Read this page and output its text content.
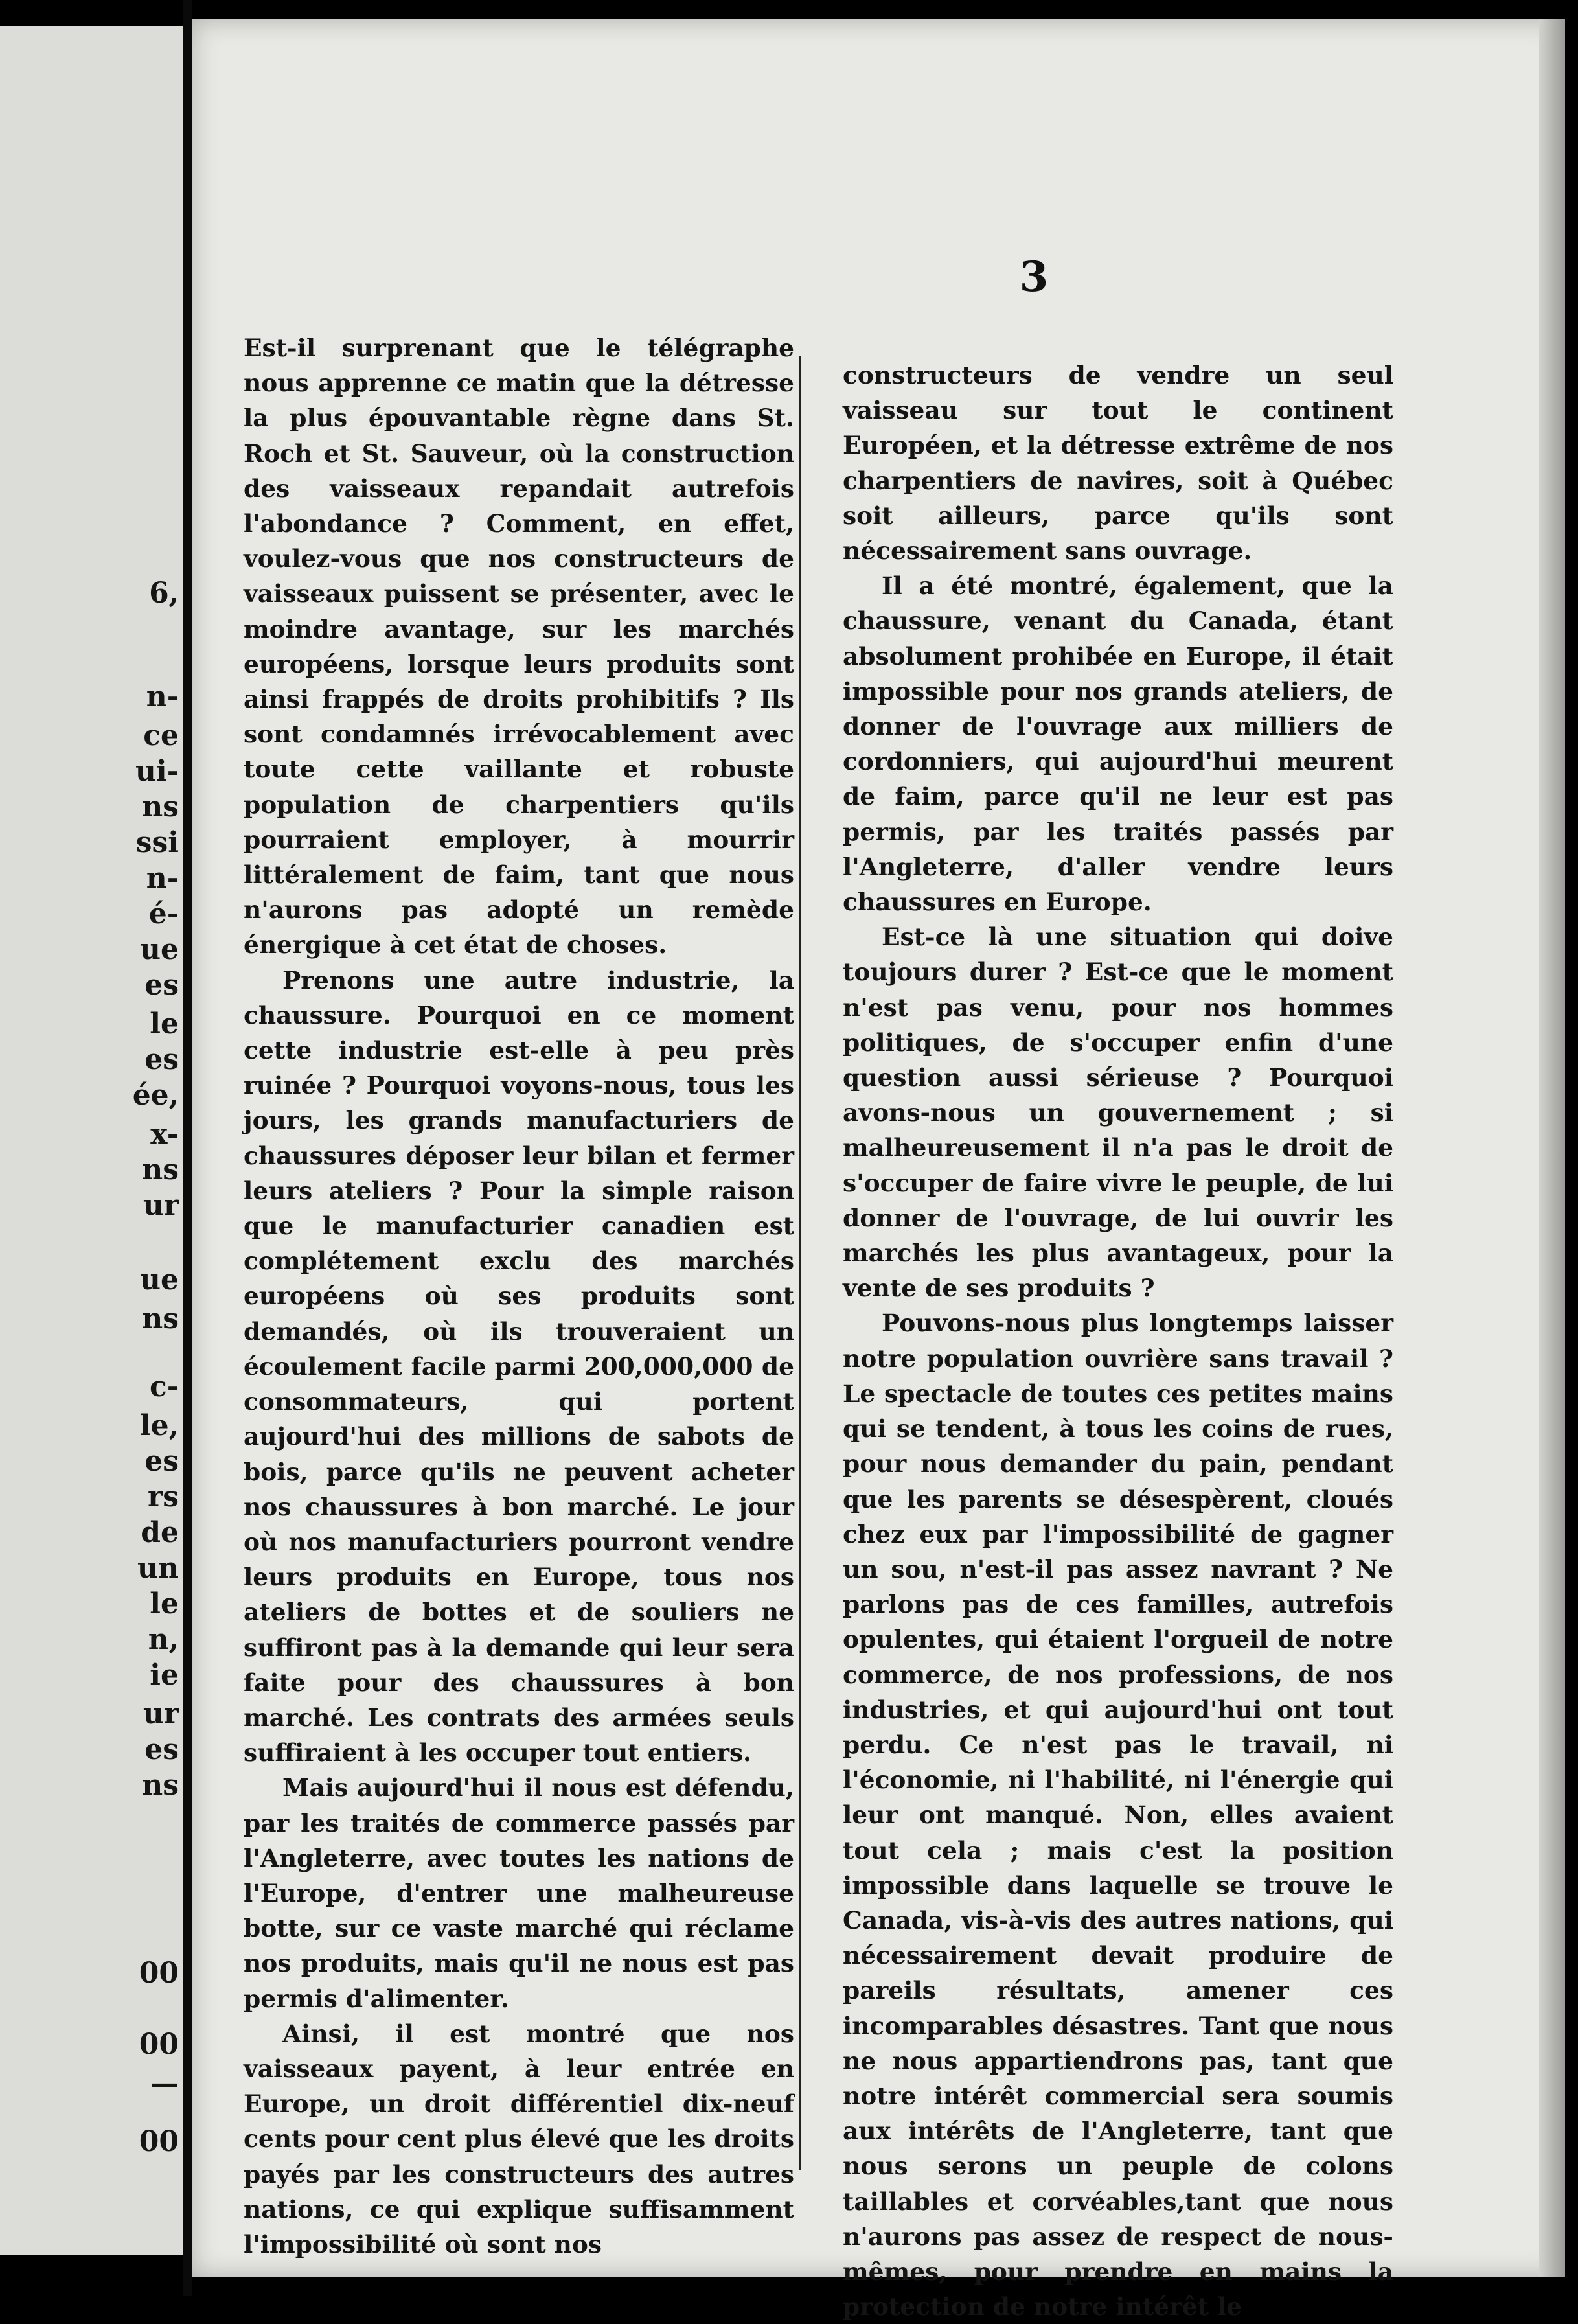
6,
n-
ce
ui-
ns
ssi
n-
é-
ue
es
le
es
ée,
x-
ns
ur
ue
ns
c-
le,
es
rs
de
un
le
n,
ie
ur
es
ns
00
00
—
00
3

Est-il surprenant que le télégraphe nous apprenne ce matin que la détresse la plus épouvantable règne dans St. Roch et St. Sauveur, où la construction des vaisseaux repandait autrefois l'abondance ? Comment, en effet, voulez-vous que nos constructeurs de vaisseaux puissent se présenter, avec le moindre avantage, sur les marchés européens, lorsque leurs produits sont ainsi frappés de droits prohibitifs ? Ils sont condamnés irrévocablement avec toute cette vaillante et robuste population de charpentiers qu'ils pourraient employer, à mourrir littéralement de faim, tant que nous n'aurons pas adopté un remède énergique à cet état de choses.

Prenons une autre industrie, la chaussure. Pourquoi en ce moment cette industrie est-elle à peu près ruinée ? Pourquoi voyons-nous, tous les jours, les grands manufacturiers de chaussures déposer leur bilan et fermer leurs ateliers ? Pour la simple raison que le manufacturier canadien est complétement exclu des marchés européens où ses produits sont demandés, où ils trouveraient un écoulement facile parmi 200,000,000 de consommateurs, qui portent aujourd'hui des millions de sabots de bois, parce qu'ils ne peuvent acheter nos chaussures à bon marché. Le jour où nos manufacturiers pourront vendre leurs produits en Europe, tous nos ateliers de bottes et de souliers ne suffiront pas à la demande qui leur sera faite pour des chaussures à bon marché. Les contrats des armées seuls suffiraient à les occuper tout entiers.

Mais aujourd'hui il nous est défendu, par les traités de commerce passés par l'Angleterre, avec toutes les nations de l'Europe, d'entrer une malheureuse botte, sur ce vaste marché qui réclame nos produits, mais qu'il ne nous est pas permis d'alimenter.

Ainsi, il est montré que nos vaisseaux payent, à leur entrée en Europe, un droit différentiel dix-neuf cents pour cent plus élevé que les droits payés par les constructeurs des autres nations, ce qui explique suffisamment l'impossibilité où sont nos

constructeurs de vendre un seul vaisseau sur tout le continent Européen, et la détresse extrême de nos charpentiers de navires, soit à Québec soit ailleurs, parce qu'ils sont nécessairement sans ouvrage.

Il a été montré, également, que la chaussure, venant du Canada, étant absolument prohibée en Europe, il était impossible pour nos grands ateliers, de donner de l'ouvrage aux milliers de cordonniers, qui aujourd'hui meurent de faim, parce qu'il ne leur est pas permis, par les traités passés par l'Angleterre, d'aller vendre leurs chaussures en Europe.

Est-ce là une situation qui doive toujours durer ? Est-ce que le moment n'est pas venu, pour nos hommes politiques, de s'occuper enfin d'une question aussi sérieuse ? Pourquoi avons-nous un gouvernement ; si malheureusement il n'a pas le droit de s'occuper de faire vivre le peuple, de lui donner de l'ouvrage, de lui ouvrir les marchés les plus avantageux, pour la vente de ses produits ?

Pouvons-nous plus longtemps laisser notre population ouvrière sans travail ? Le spectacle de toutes ces petites mains qui se tendent, à tous les coins de rues, pour nous demander du pain, pendant que les parents se désespèrent, cloués chez eux par l'impossibilité de gagner un sou, n'est-il pas assez navrant ? Ne parlons pas de ces familles, autrefois opulentes, qui étaient l'orgueil de notre commerce, de nos professions, de nos industries, et qui aujourd'hui ont tout perdu. Ce n'est pas le travail, ni l'économie, ni l'habilité, ni l'énergie qui leur ont manqué. Non, elles avaient tout cela ; mais c'est la position impossible dans laquelle se trouve le Canada, vis-à-vis des autres nations, qui nécessairement devait produire de pareils résultats, amener ces incomparables désastres. Tant que nous ne nous appartiendrons pas, tant que notre intérêt commercial sera soumis aux intérêts de l'Angleterre, tant que nous serons un peuple de colons taillables et corvéables,tant que nous n'aurons pas assez de respect de nous-mêmes, pour prendre en mains la protection de notre intérêt le
